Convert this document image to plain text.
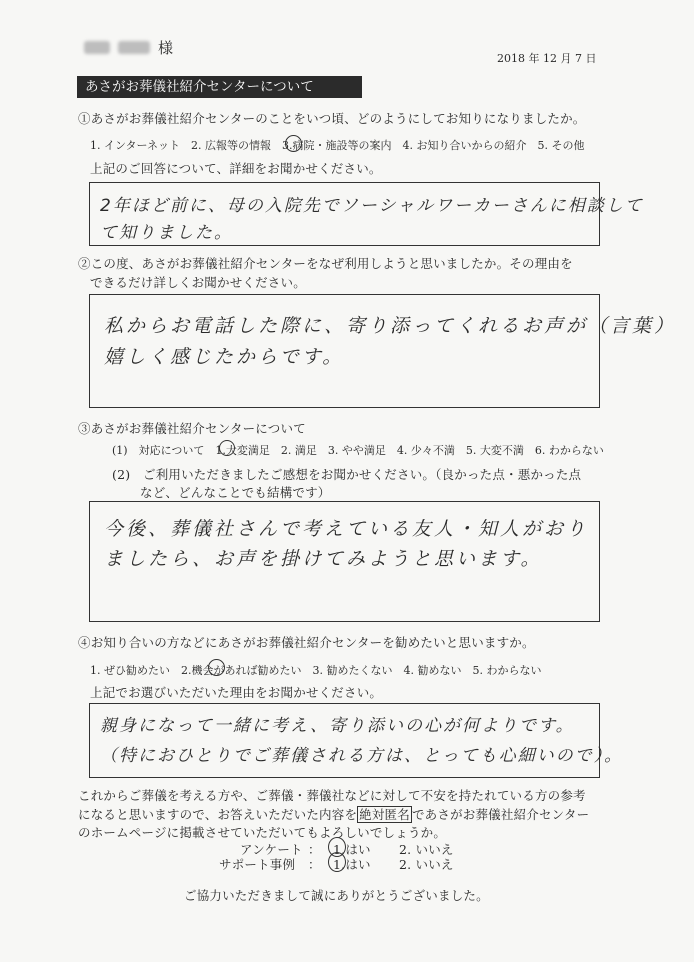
様
2018 年 12 月 7 日
あさがお葬儀社紹介センターについて
①あさがお葬儀社紹介センターのことをいつ頃、どのようにしてお知りになりましたか。
1. インターネット　2. 広報等の情報　3.病院・施設等の案内　4. お知り合いからの紹介　5. その他
上記のご回答について、詳細をお聞かせください。
2年ほど前に、母の入院先でソーシャルワーカーさんに相談して
て知りました。
②この度、あさがお葬儀社紹介センターをなぜ利用しようと思いましたか。その理由を
できるだけ詳しくお聞かせください。
私からお電話した際に、寄り添ってくれるお声が（言葉）
嬉しく感じたからです。
③あさがお葬儀社紹介センターについて
(1)　対応について　1.大変満足　2. 満足　3. やや満足　4. 少々不満　5. 大変不満　6. わからない
(2)　ご利用いただきましたご感想をお聞かせください。（良かった点・悪かった点
など、どんなことでも結構です）
今後、葬儀社さんで考えている友人・知人がおり
ましたら、お声を掛けてみようと思います。
④お知り合いの方などにあさがお葬儀社紹介センターを勧めたいと思いますか。
1. ぜひ勧めたい　2.機会があれば勧めたい　3. 勧めたくない　4. 勧めない　5. わからない
上記でお選びいただいた理由をお聞かせください。
親身になって一緒に考え、寄り添いの心が何よりです。
（特におひとりでご葬儀される方は、とっても心細いので）。
これからご葬儀を考える方や、ご葬儀・葬儀社などに対して不安を持たれている方の参考
になると思いますので、お答えいただいた内容を 絶対匿名 であさがお葬儀社紹介センター
のホームページに掲載させていただいてもよろしいでしょうか。
アンケート ： 1.はい 2. いいえ
サポート事例 ： 1.はい 2. いいえ
ご協力いただきまして誠にありがとうございました。
